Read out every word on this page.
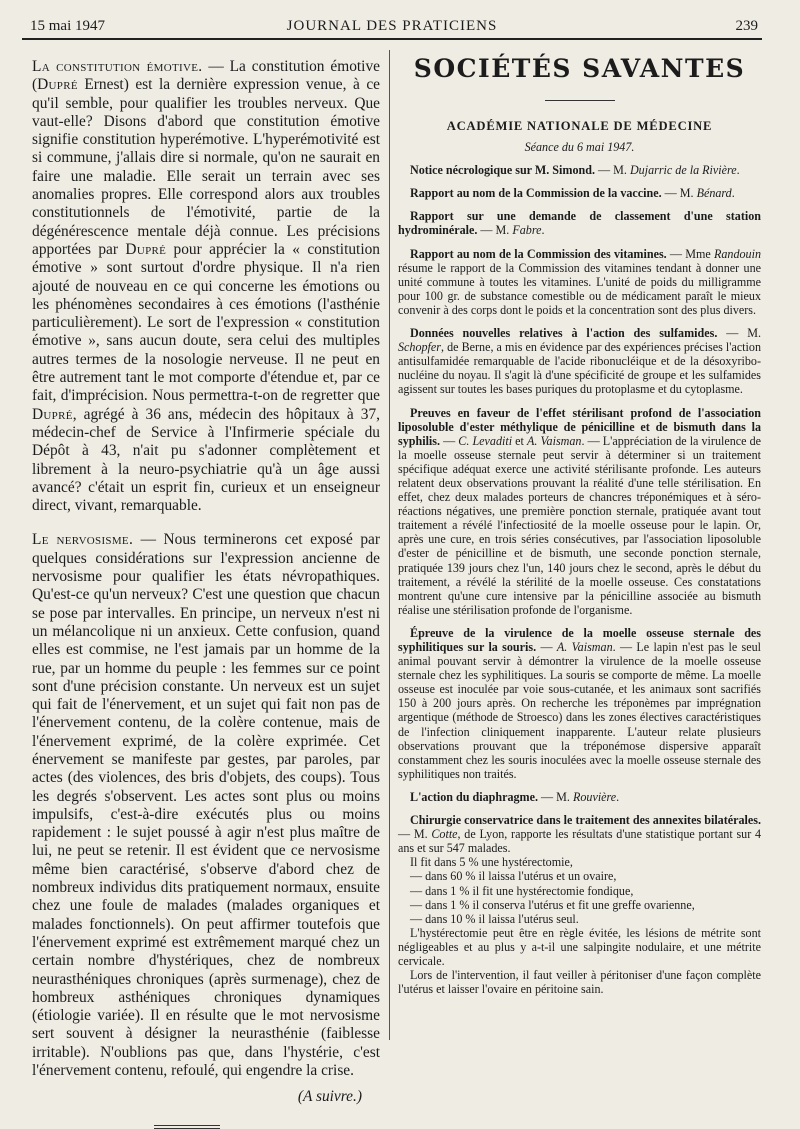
15 mai 1947	JOURNAL DES PRATICIENS	239

La constitution émotive. — La constitution émotive (Dupré Ernest) est la dernière expression venue, à ce qu'il semble, pour qualifier les troubles nerveux. Que vaut-elle? Disons d'abord que constitution émotive signifie constitution hyperémotive. L'hyperémotivité est si commune, j'allais dire si normale, qu'on ne saurait en faire une maladie. Elle serait un terrain avec ses anomalies propres. Elle correspond alors aux troubles constitutionnels de l'émotivité, partie de la dégénérescence mentale déjà connue. Les précisions apportées par Dupré pour apprécier la « constitution émotive » sont surtout d'ordre physique. Il n'a rien ajouté de nouveau en ce qui concerne les émotions ou les phénomènes secondaires à ces émotions (l'asthénie particulièrement). Le sort de l'expression « constitution émotive », sans aucun doute, sera celui des multiples autres termes de la nosologie nerveuse. Il ne peut en être autrement tant le mot comporte d'étendue et, par ce fait, d'imprécision. Nous permettra-t-on de regretter que Dupré, agrégé à 36 ans, médecin des hôpitaux à 37, médecin-chef de Service à l'Infirmerie spéciale du Dépôt à 43, n'ait pu s'adonner complètement et librement à la neuro-psychiatrie qu'à un âge aussi avancé? c'était un esprit fin, curieux et un enseigneur direct, vivant, remarquable.

Le nervosisme. — Nous terminerons cet exposé par quelques considérations sur l'expression ancienne de nervosisme pour qualifier les états névropathiques. Qu'est-ce qu'un nerveux? C'est une question que chacun se pose par intervalles. En principe, un nerveux n'est ni un mélancolique ni un anxieux. Cette confusion, quand elles est commise, ne l'est jamais par un homme de la rue, par un homme du peuple : les femmes sur ce point sont d'une précision constante. Un nerveux est un sujet qui fait de l'énervement, et un sujet qui fait non pas de l'énervement contenu, de la colère contenue, mais de l'énervement exprimé, de la colère exprimée. Cet énervement se manifeste par gestes, par paroles, par actes (des violences, des bris d'objets, des coups). Tous les degrés s'observent. Les actes sont plus ou moins impulsifs, c'est-à-dire exécutés plus ou moins rapidement : le sujet poussé à agir n'est plus maître de lui, ne peut se retenir. Il est évident que ce nervosisme même bien caractérisé, s'observe d'abord chez de nombreux individus dits pratiquement normaux, ensuite chez une foule de malades (malades organiques et malades fonctionnels). On peut affirmer toutefois que l'énervement exprimé est extrêmement marqué chez un certain nombre d'hystériques, chez de nombreux neurasthéniques chroniques (après surmenage), chez de hombreux asthéniques chroniques dynamiques (étiologie variée). Il en résulte que le mot nervosisme sert souvent à désigner la neurasthénie (faiblesse irritable). N'oublions pas que, dans l'hystérie, c'est l'énervement contenu, refoulé, qui engendre la crise.

(A suivre.)
SOCIÉTÉS SAVANTES
ACADÉMIE NATIONALE DE MÉDECINE
Séance du 6 mai 1947.

Notice nécrologique sur M. Simond. — M. Dujarric de la Rivière.

Rapport au nom de la Commission de la vaccine. — M. Bénard.

Rapport sur une demande de classement d'une station hydrominérale. — M. Fabre.

Rapport au nom de la Commission des vitamines. — Mme Randouin résume le rapport de la Commission des vitamines tendant à donner une unité commune à toutes les vitamines. L'unité de poids du milligramme pour 100 gr. de substance comestible ou de médicament paraît le mieux convenir à des corps dont le poids et la concentration sont des plus divers.

Données nouvelles relatives à l'action des sulfamides. — M. Schopfer, de Berne, a mis en évidence par des expériences précises l'action antisulfamidée remarquable de l'acide ribonucléique et de la désoxyribo-nucléine du noyau. Il s'agit là d'une spécificité de groupe et les sulfamides agissent sur toutes les bases puriques du protoplasme et du cytoplasme.

Preuves en faveur de l'effet stérilisant profond de l'association liposoluble d'ester méthylique de pénicilline et de bismuth dans la syphilis. — C. Levaditi et A. Vaisman. — L'appréciation de la virulence de la moelle osseuse sternale peut servir à déterminer si un traitement spécifique adéquat exerce une activité stérilisante profonde. Les auteurs relatent deux observations prouvant la réalité d'une telle stérilisation. En effet, chez deux malades porteurs de chancres tréponémiques et à séro-réactions négatives, une première ponction sternale, pratiquée avant tout traitement a révélé l'infectiosité de la moelle osseuse pour le lapin. Or, après une cure, en trois séries consécutives, par l'association liposoluble d'ester de pénicilline et de bismuth, une seconde ponction sternale, pratiquée 139 jours chez l'un, 140 jours chez le second, après le début du traitement, a révélé la stérilité de la moelle osseuse. Ces constatations montrent qu'une cure intensive par la pénicilline associée au bismuth réalise une stérilisation profonde de l'organisme.

Épreuve de la virulence de la moelle osseuse sternale des syphilitiques sur la souris. — A. Vaisman. — Le lapin n'est pas le seul animal pouvant servir à démontrer la virulence de la moelle osseuse sternale chez les syphilitiques. La souris se comporte de même. La moelle osseuse est inoculée par voie sous-cutanée, et les animaux sont sacrifiés 150 à 200 jours après. On recherche les tréponèmes par imprégnation argentique (méthode de Stroesco) dans les zones électives caractéristiques de l'infection cliniquement inapparente. L'auteur relate plusieurs observations prouvant que la tréponémose dispersive apparaît constamment chez les souris inoculées avec la moelle osseuse sternale des syphilitiques non traités.

L'action du diaphragme. — M. Rouvière.

Chirurgie conservatrice dans le traitement des annexites bilatérales. — M. Cotte, de Lyon, rapporte les résultats d'une statistique portant sur 4 ans et sur 547 malades.

Il fit dans 5 % une hystérectomie,

— dans 60 % il laissa l'utérus et un ovaire,

— dans 1 % il fit une hystérectomie fondique,

— dans 1 % il conserva l'utérus et fit une greffe ovarienne,

— dans 10 % il laissa l'utérus seul.

L'hystérectomie peut être en règle évitée, les lésions de métrite sont négligeables et au plus y a-t-il une salpingite nodulaire, et une métrite cervicale.

Lors de l'intervention, il faut veiller à péritoniser d'une façon complète l'utérus et laisser l'ovaire en péritoine sain.
